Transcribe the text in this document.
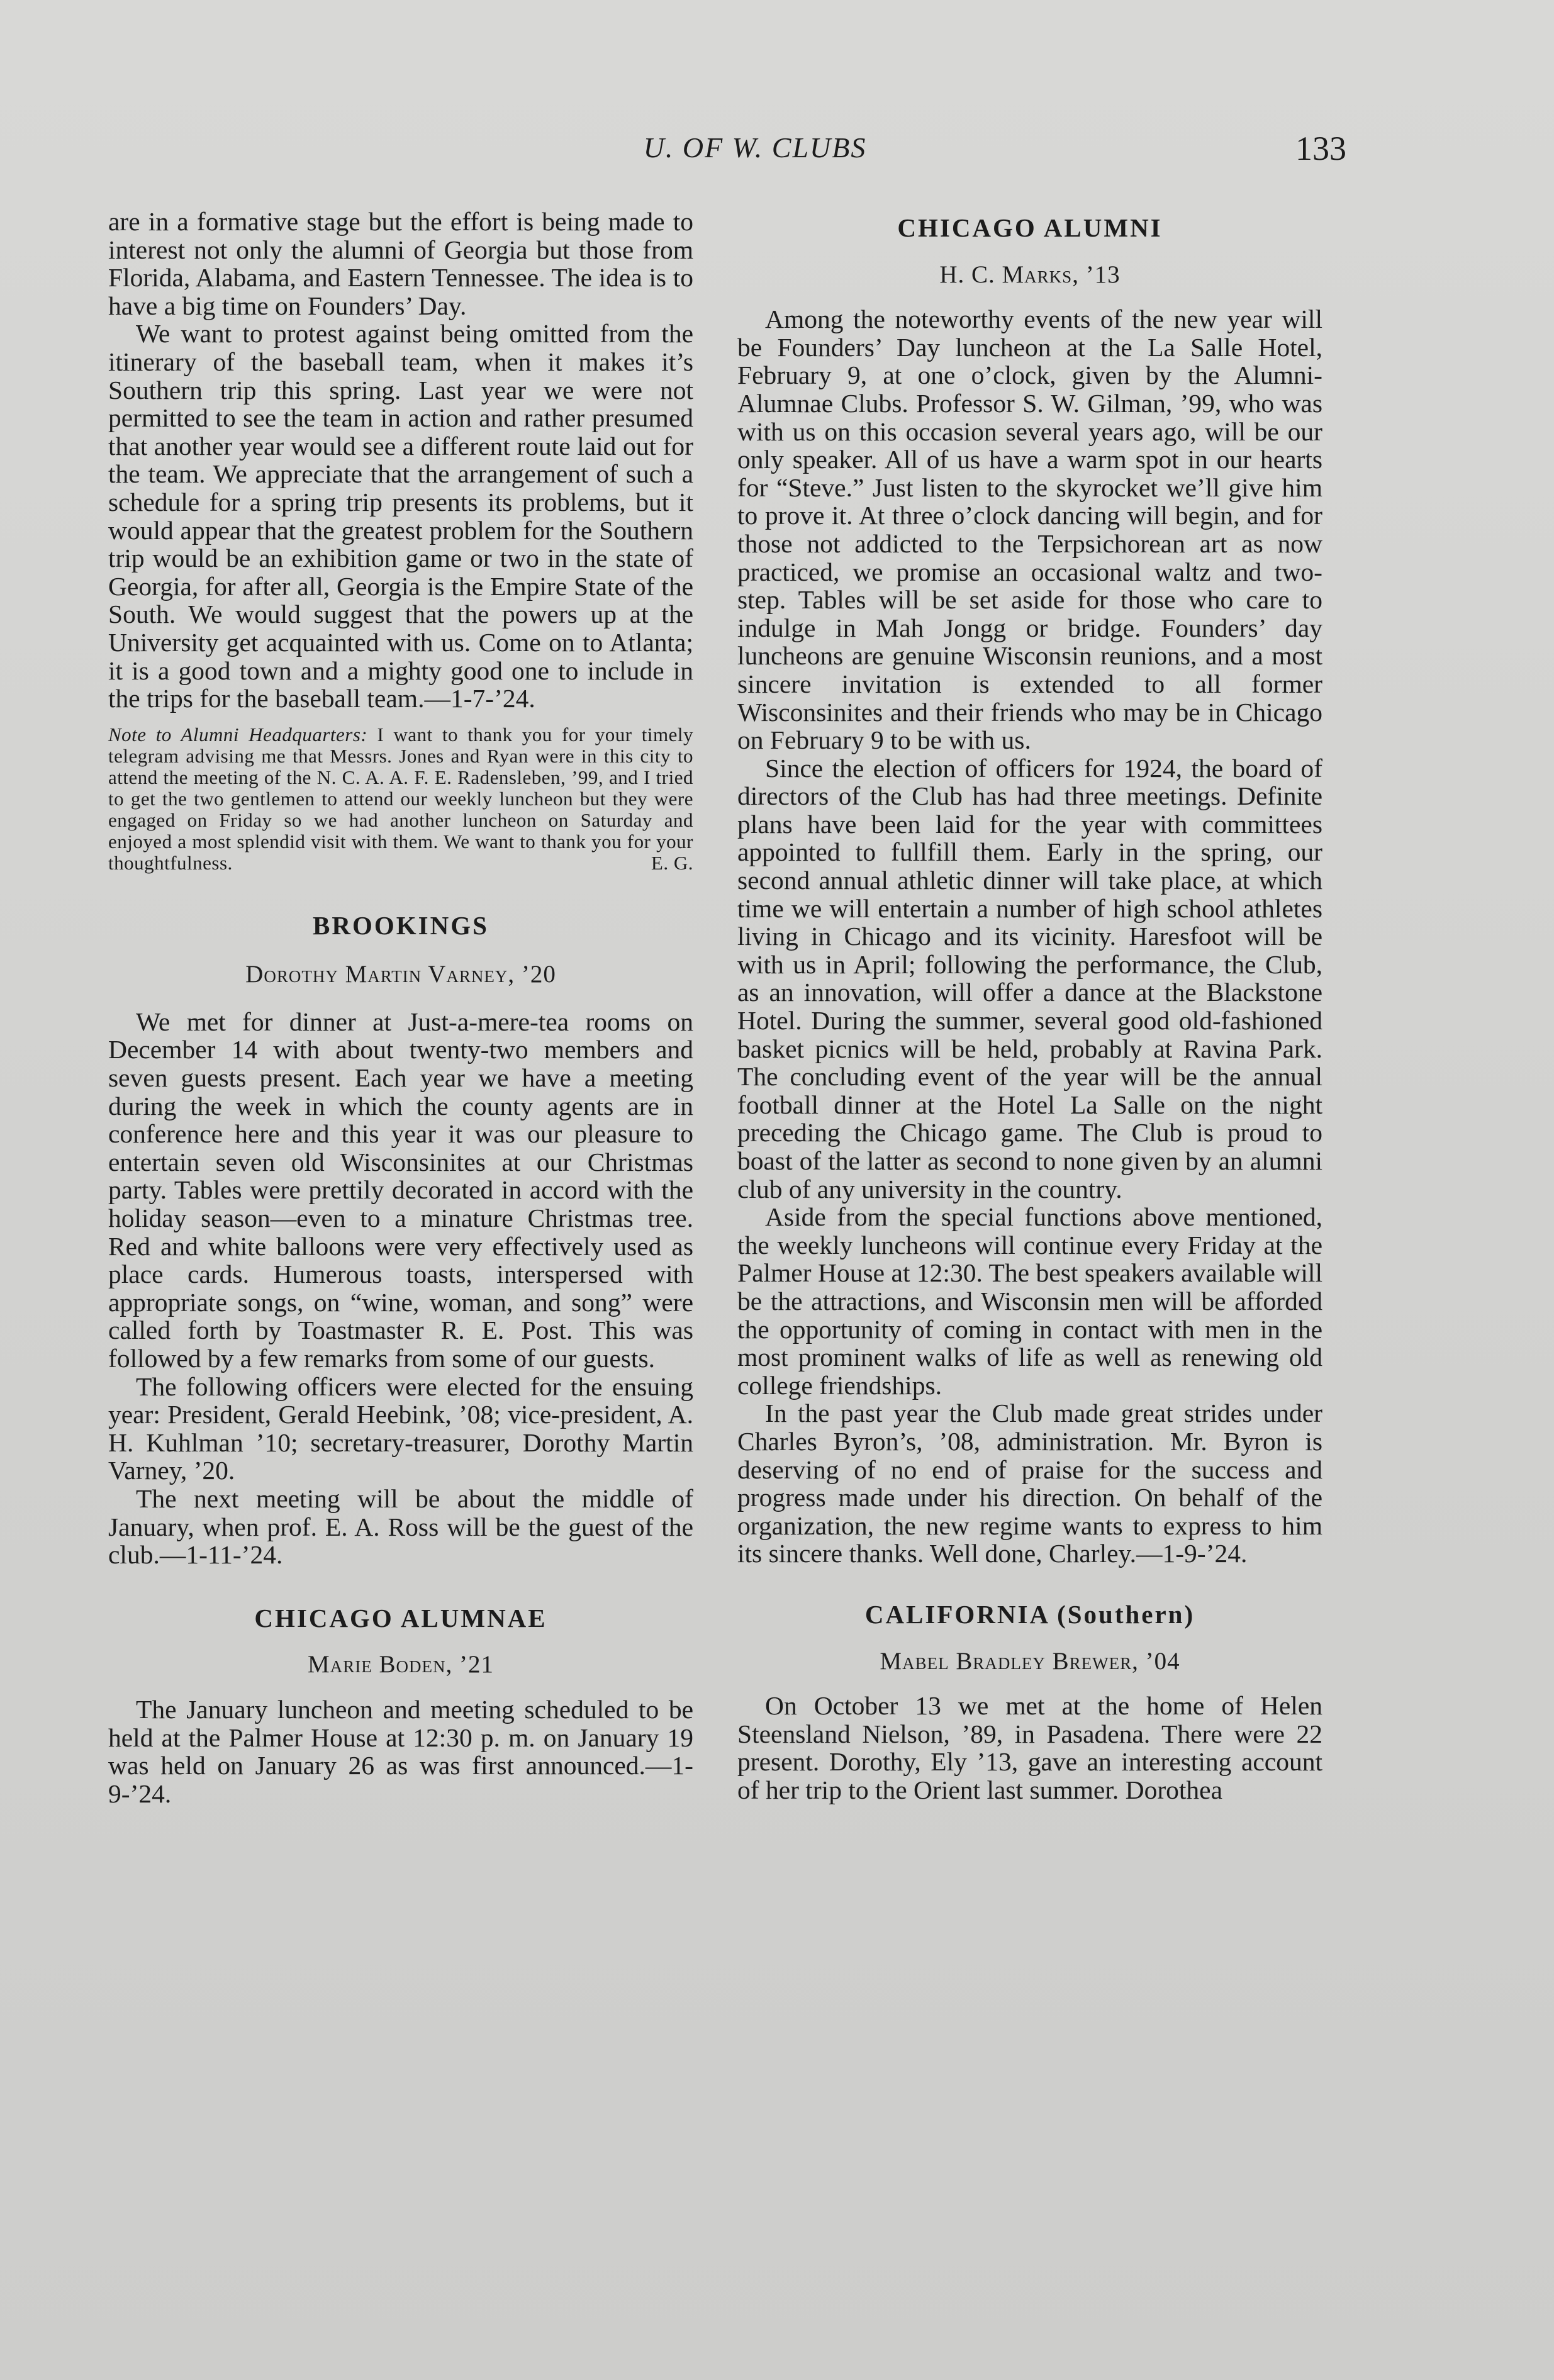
U. OF W. CLUBS	133

are in a formative stage but the effort is being made to interest not only the alumni of Georgia but those from Florida, Alabama, and Eastern Tennessee. The idea is to have a big time on Founders’ Day.

We want to protest against being omitted from the itinerary of the baseball team, when it makes it’s Southern trip this spring. Last year we were not permitted to see the team in action and rather presumed that another year would see a different route laid out for the team. We appreciate that the arrangement of such a schedule for a spring trip presents its problems, but it would appear that the greatest problem for the Southern trip would be an exhibition game or two in the state of Georgia, for after all, Georgia is the Empire State of the South. We would suggest that the powers up at the University get acquainted with us. Come on to Atlanta; it is a good town and a mighty good one to include in the trips for the baseball team.—1-7-’24.

Note to Alumni Headquarters: I want to thank you for your timely telegram advising me that Messrs. Jones and Ryan were in this city to attend the meeting of the N. C. A. A. F. E. Radensleben, ’99, and I tried to get the two gentlemen to attend our weekly luncheon but they were engaged on Friday so we had another luncheon on Saturday and enjoyed a most splendid visit with them. We want to thank you for your thoughtfulness.	E. G.
BROOKINGS
Dorothy Martin Varney, ’20

We met for dinner at Just-a-mere-tea rooms on December 14 with about twenty-two members and seven guests present. Each year we have a meeting during the week in which the county agents are in conference here and this year it was our pleasure to entertain seven old Wisconsinites at our Christmas party. Tables were prettily decorated in accord with the holiday season—even to a minature Christmas tree. Red and white balloons were very effectively used as place cards. Humerous toasts, interspersed with appropriate songs, on “wine, woman, and song” were called forth by Toastmaster R. E. Post. This was followed by a few remarks from some of our guests.

The following officers were elected for the ensuing year: President, Gerald Heebink, ’08; vice-president, A. H. Kuhlman ’10; secretary-treasurer, Dorothy Martin Varney, ’20.

The next meeting will be about the middle of January, when prof. E. A. Ross will be the guest of the club.—1-11-’24.

CHICAGO ALUMNAE
Marie Boden, ’21

The January luncheon and meeting scheduled to be held at the Palmer House at 12:30 p. m. on January 19 was held on January 26 as was first announced.—1-9-’24.

CHICAGO ALUMNI
H. C. Marks, ’13

Among the noteworthy events of the new year will be Founders’ Day luncheon at the La Salle Hotel, February 9, at one o’clock, given by the Alumni-Alumnae Clubs. Professor S. W. Gilman, ’99, who was with us on this occasion several years ago, will be our only speaker. All of us have a warm spot in our hearts for “Steve.” Just listen to the skyrocket we’ll give him to prove it. At three o’clock dancing will begin, and for those not addicted to the Terpsichorean art as now practiced, we promise an occasional waltz and two-step. Tables will be set aside for those who care to indulge in Mah Jongg or bridge. Founders’ day luncheons are genuine Wisconsin reunions, and a most sincere invitation is extended to all former Wisconsinites and their friends who may be in Chicago on February 9 to be with us.

Since the election of officers for 1924, the board of directors of the Club has had three meetings. Definite plans have been laid for the year with committees appointed to fullfill them. Early in the spring, our second annual athletic dinner will take place, at which time we will entertain a number of high school athletes living in Chicago and its vicinity. Haresfoot will be with us in April; following the performance, the Club, as an innovation, will offer a dance at the Blackstone Hotel. During the summer, several good old-fashioned basket picnics will be held, probably at Ravina Park. The concluding event of the year will be the annual football dinner at the Hotel La Salle on the night preceding the Chicago game. The Club is proud to boast of the latter as second to none given by an alumni club of any university in the country.

Aside from the special functions above mentioned, the weekly luncheons will continue every Friday at the Palmer House at 12:30. The best speakers available will be the attractions, and Wisconsin men will be afforded the opportunity of coming in contact with men in the most prominent walks of life as well as renewing old college friendships.

In the past year the Club made great strides under Charles Byron’s, ’08, administration. Mr. Byron is deserving of no end of praise for the success and progress made under his direction. On behalf of the organization, the new regime wants to express to him its sincere thanks. Well done, Charley.—1-9-’24.

CALIFORNIA (Southern)
Mabel Bradley Brewer, ’04

On October 13 we met at the home of Helen Steensland Nielson, ’89, in Pasadena. There were 22 present. Dorothy, Ely ’13, gave an interesting account of her trip to the Orient last summer. Dorothea
